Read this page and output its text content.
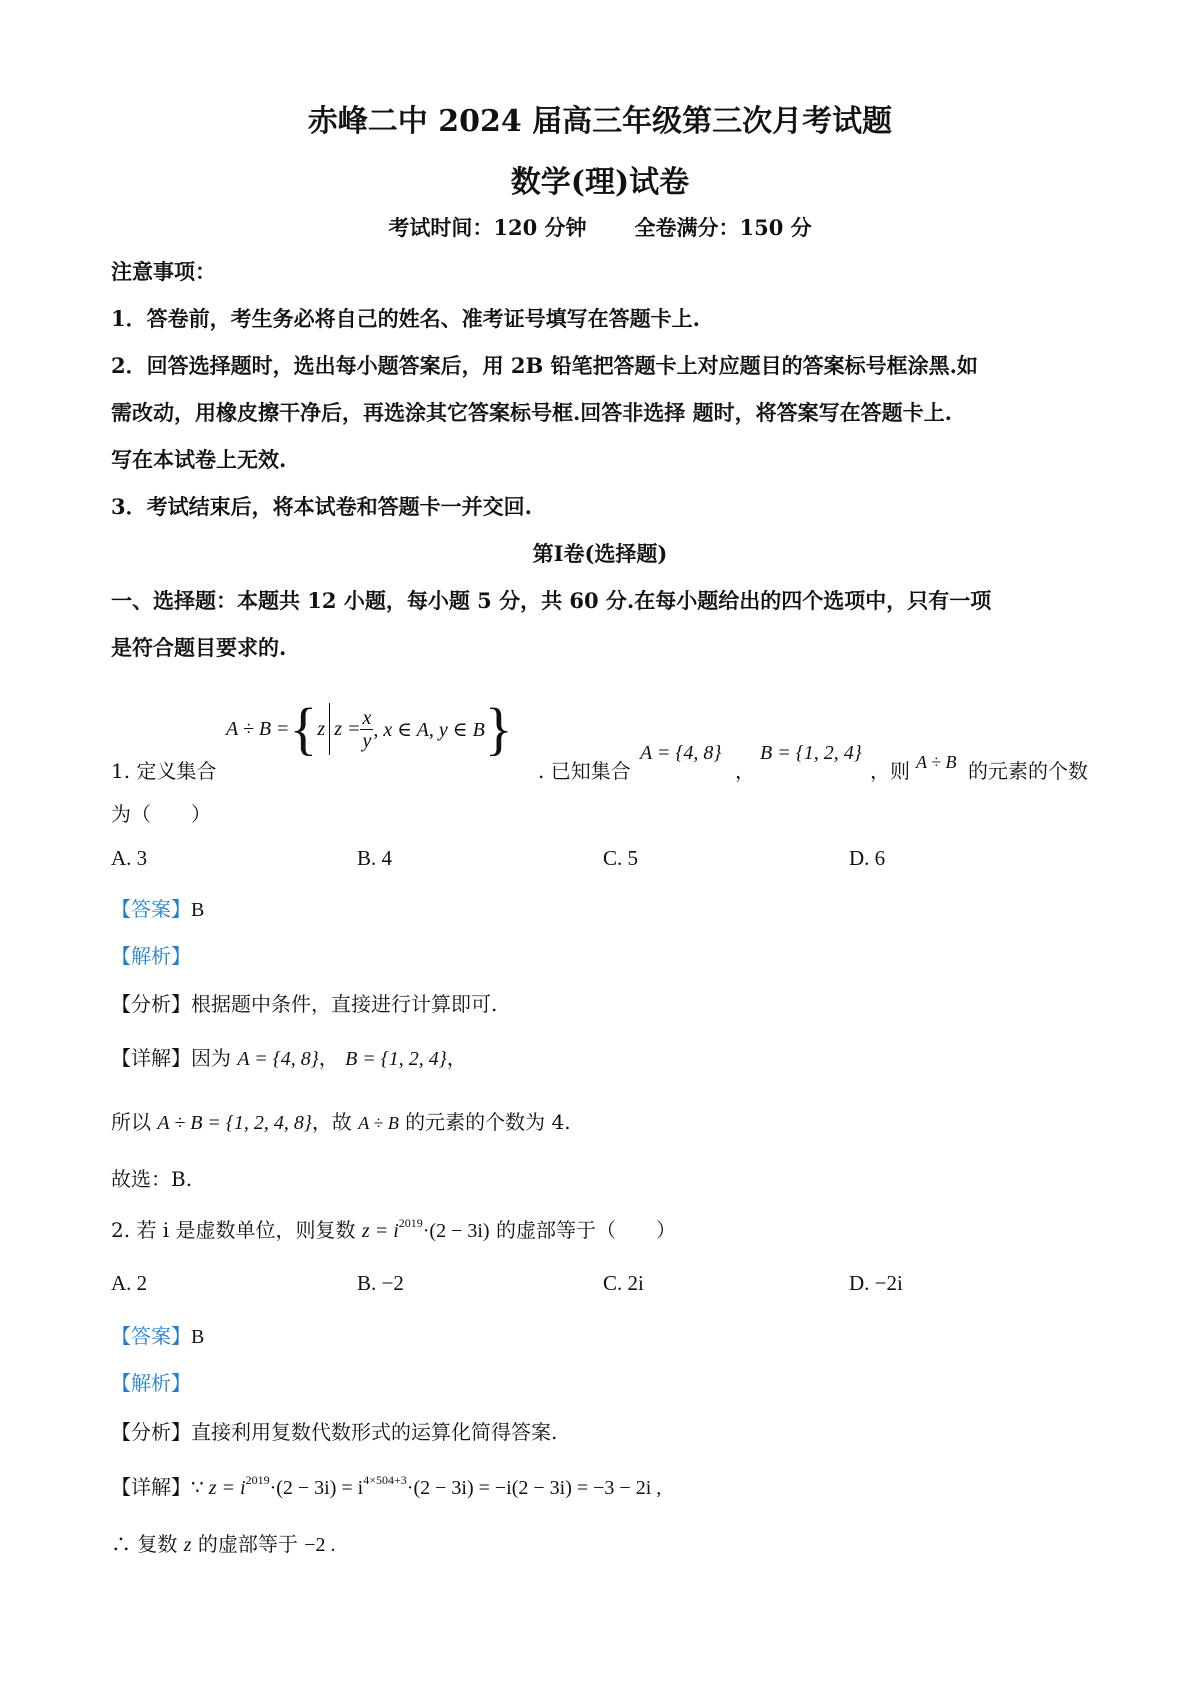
赤峰二中 2024 届高三年级第三次月考试题
数学(理)试卷
考试时间：120 分钟 全卷满分：150 分
注意事项：
1．答卷前，考生务必将自己的姓名、准考证号填写在答题卡上.
2．回答选择题时，选出每小题答案后，用 2B 铅笔把答题卡上对应题目的答案标号框涂黑.如
需改动，用橡皮擦干净后，再选涂其它答案标号框.回答非选择 题时，将答案写在答题卡上.
写在本试卷上无效.
3．考试结束后，将本试卷和答题卡一并交回.
第Ⅰ卷(选择题)
一、选择题：本题共 12 小题，每小题 5 分，共 60 分.在每小题给出的四个选项中，只有一项
是符合题目要求的.
1. 定义集合
A ÷ B = { z $z = \frac{x}{y}$ , x ∈ A, y ∈ B }
. 已知集合
A = {4, 8}
，
B = {1, 2, 4}
，则 A ÷ B 的元素的个数
为（　　）
A. 3	B. 4	C. 5	D. 6
【答案】B
【解析】
【分析】根据题中条件，直接进行计算即可.
【详解】因为 A = {4, 8}， B = {1, 2, 4}，
所以 A ÷ B = {1, 2, 4, 8}，故 A ÷ B 的元素的个数为 4.
故选：B.
2. 若 i 是虚数单位，则复数 $z = i^{2019}\cdot(2 - 3i)$ 的虚部等于（　　）
A. 2	B. −2	C. 2i	D. −2i
【答案】B
【解析】
【分析】直接利用复数代数形式的运算化简得答案.
【详解】∵ $z = i^{2019}\cdot(2 - 3i) = i^{4\times 504+3}\cdot(2 - 3i) = -i(2 - 3i) = -3 - 2i$ ,
∴ 复数 z 的虚部等于 −2 .
